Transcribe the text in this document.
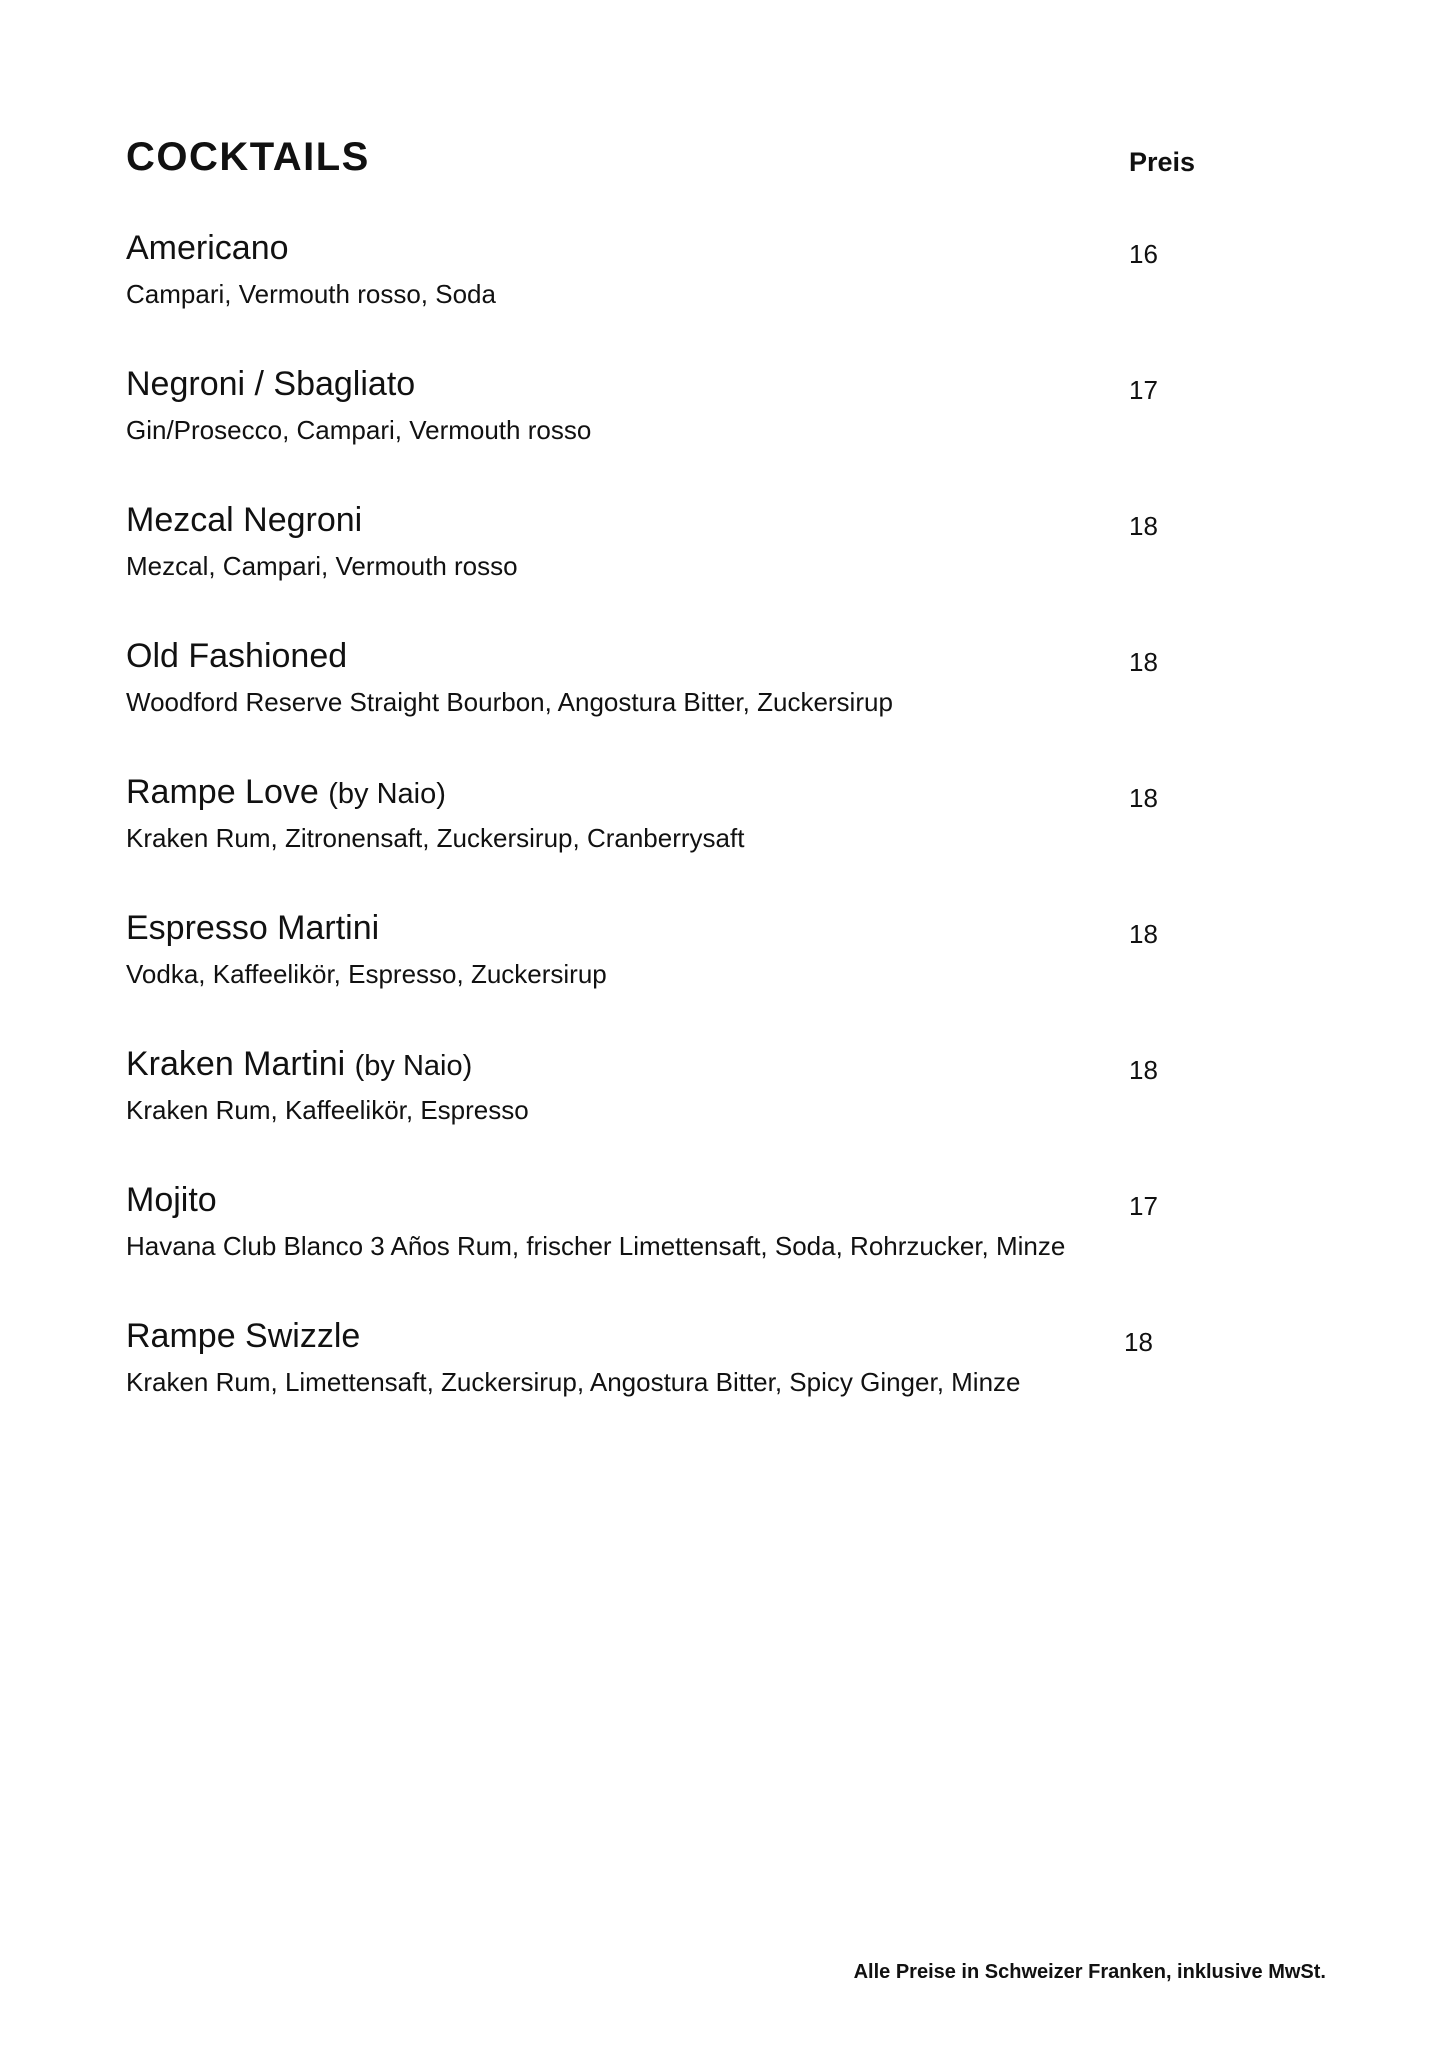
COCKTAILS	Preis
Americano
Campari, Vermouth rosso, Soda
16
Negroni / Sbagliato
Gin/Prosecco, Campari, Vermouth rosso
17
Mezcal Negroni
Mezcal, Campari, Vermouth rosso
18
Old Fashioned
Woodford Reserve Straight Bourbon, Angostura Bitter, Zuckersirup
18
Rampe Love (by Naio)
Kraken Rum, Zitronensaft, Zuckersirup, Cranberrysaft
18
Espresso Martini
Vodka, Kaffeelikör, Espresso, Zuckersirup
18
Kraken Martini (by Naio)
Kraken Rum, Kaffeelikör, Espresso
18
Mojito
Havana Club Blanco 3 Años Rum, frischer Limettensaft, Soda, Rohrzucker, Minze
17
Rampe Swizzle
Kraken Rum, Limettensaft, Zuckersirup, Angostura Bitter, Spicy Ginger, Minze
18
Alle Preise in Schweizer Franken, inklusive MwSt.
